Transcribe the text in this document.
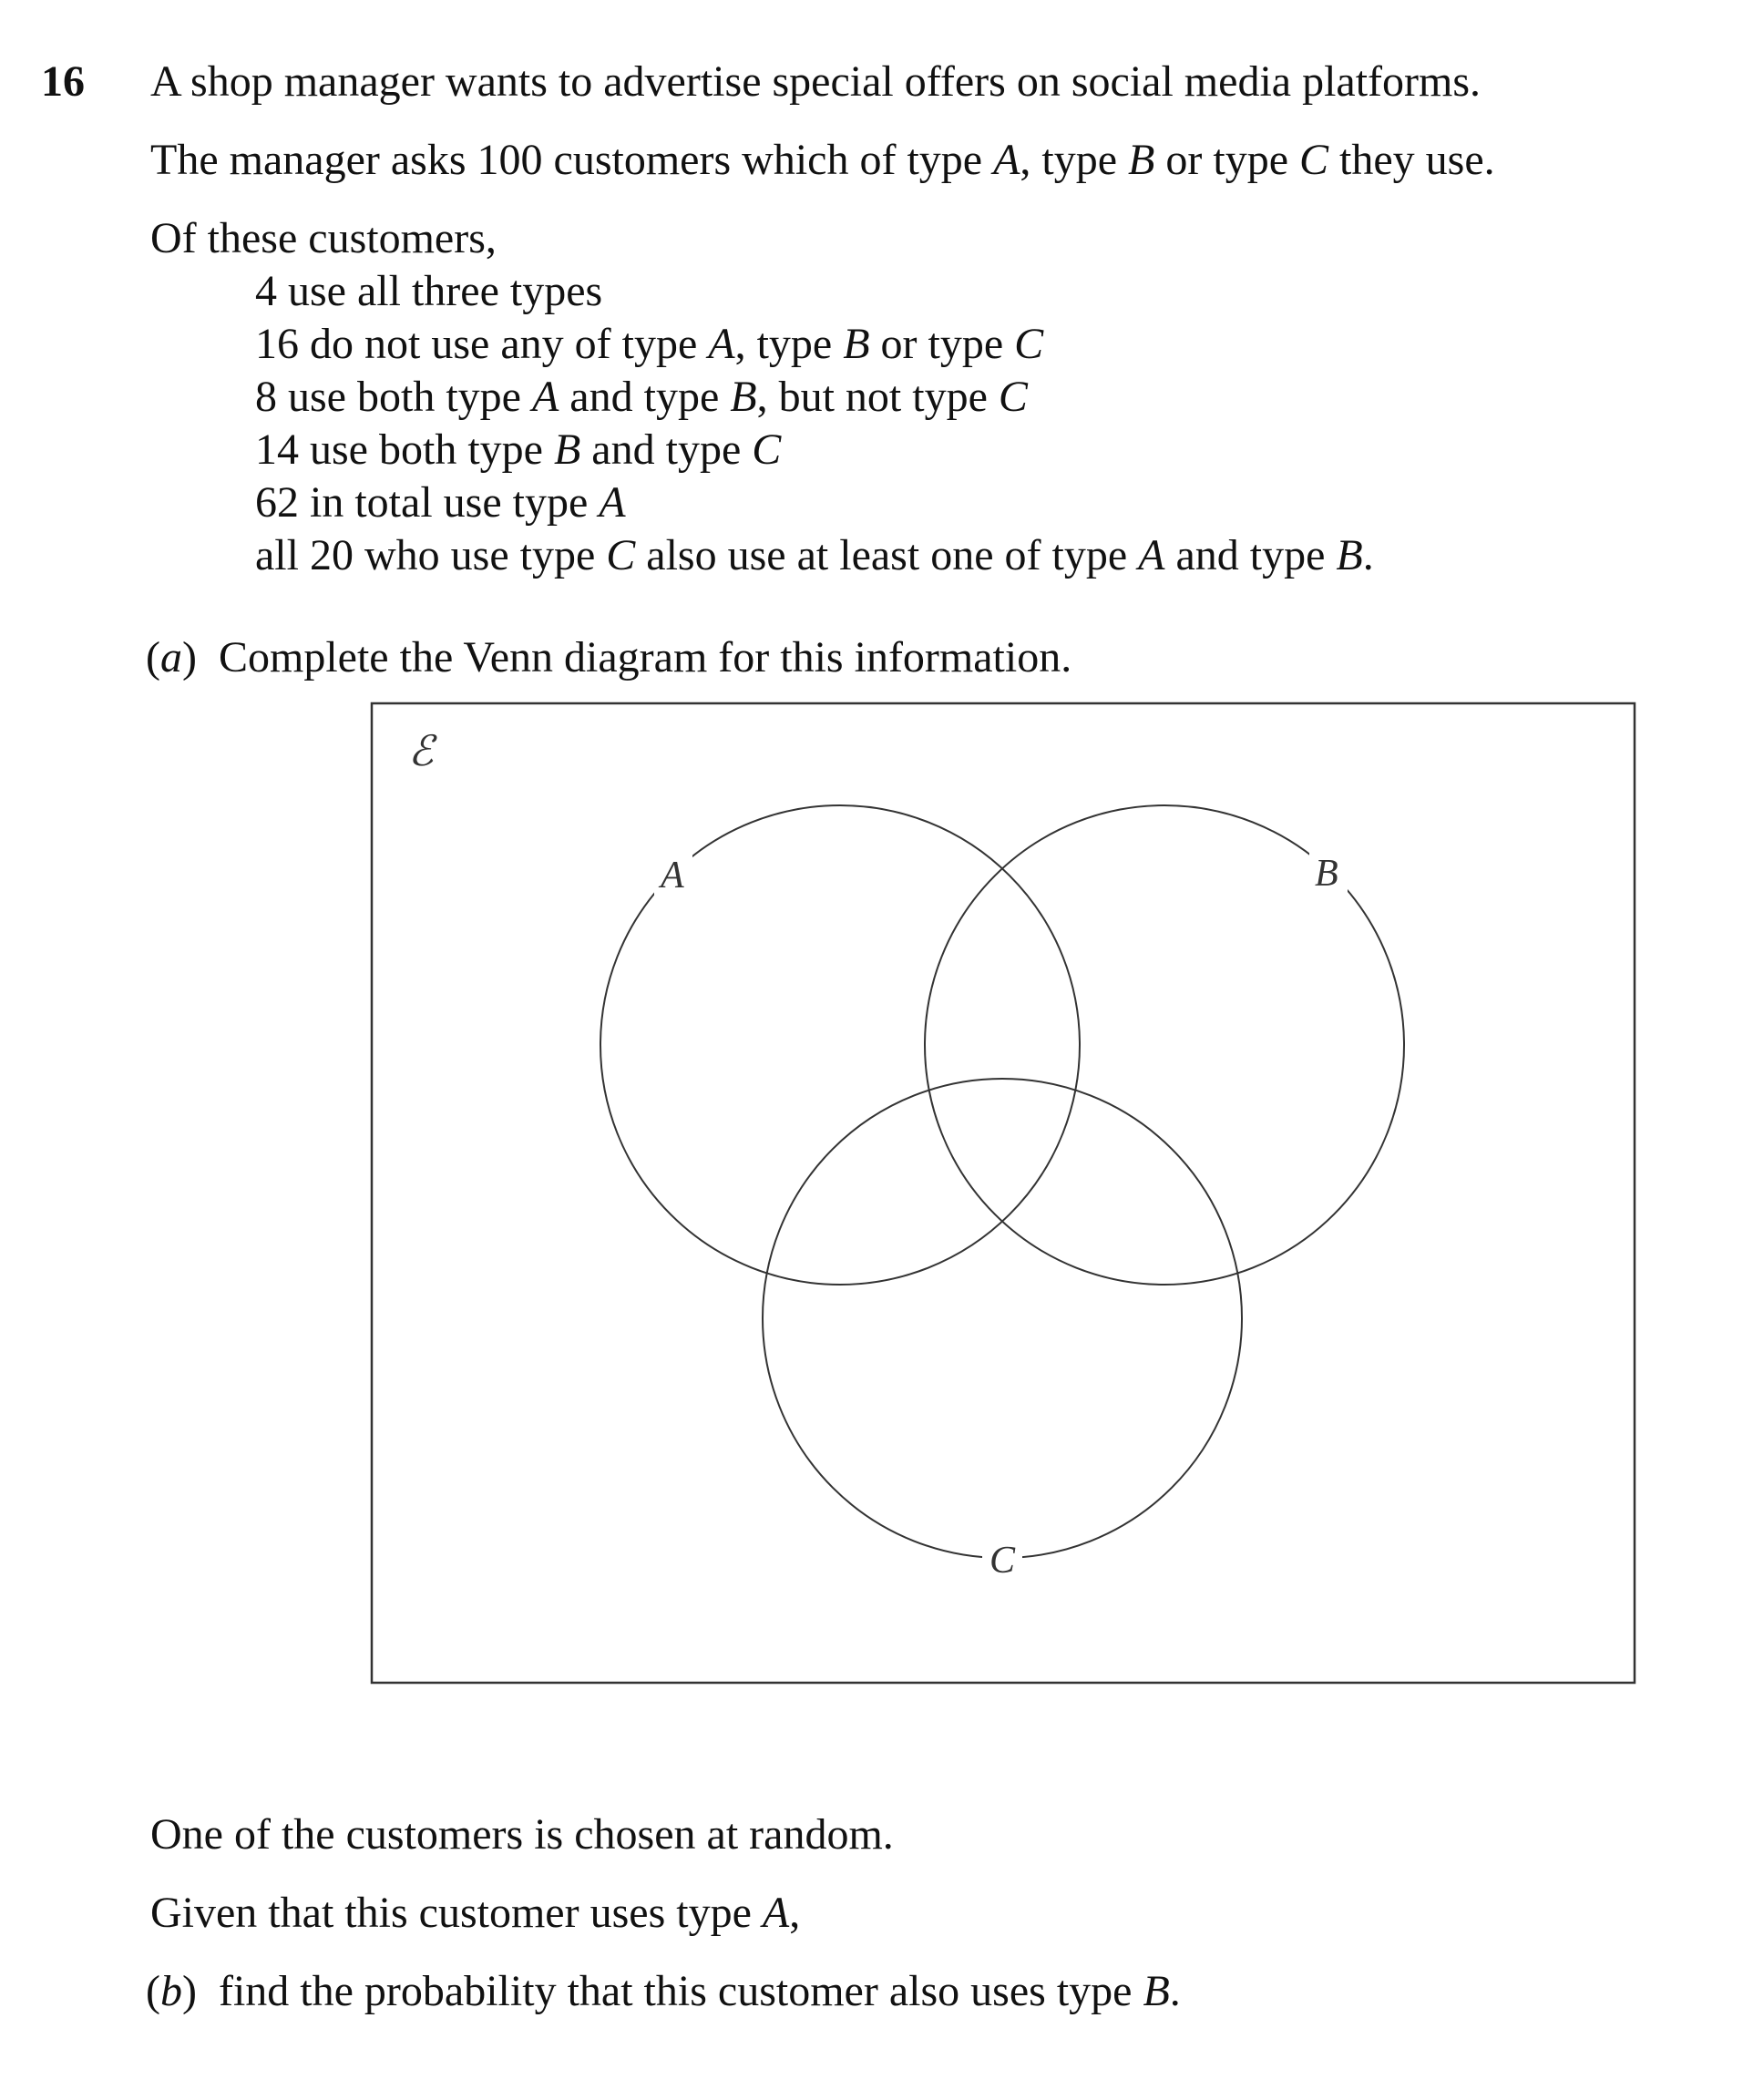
16 A shop manager wants to advertise special offers on social media platforms.
The manager asks 100 customers which of type A, type B or type C they use.
Of these customers,
4 use all three types
16 do not use any of type A, type B or type C
8 use both type A and type B, but not type C
14 use both type B and type C
62 in total use type A
all 20 who use type C also use at least one of type A and type B.
(a)  Complete the Venn diagram for this information.
ℰ
A	B
C
One of the customers is chosen at random.
Given that this customer uses type A,
(b)  find the probability that this customer also uses type B.
